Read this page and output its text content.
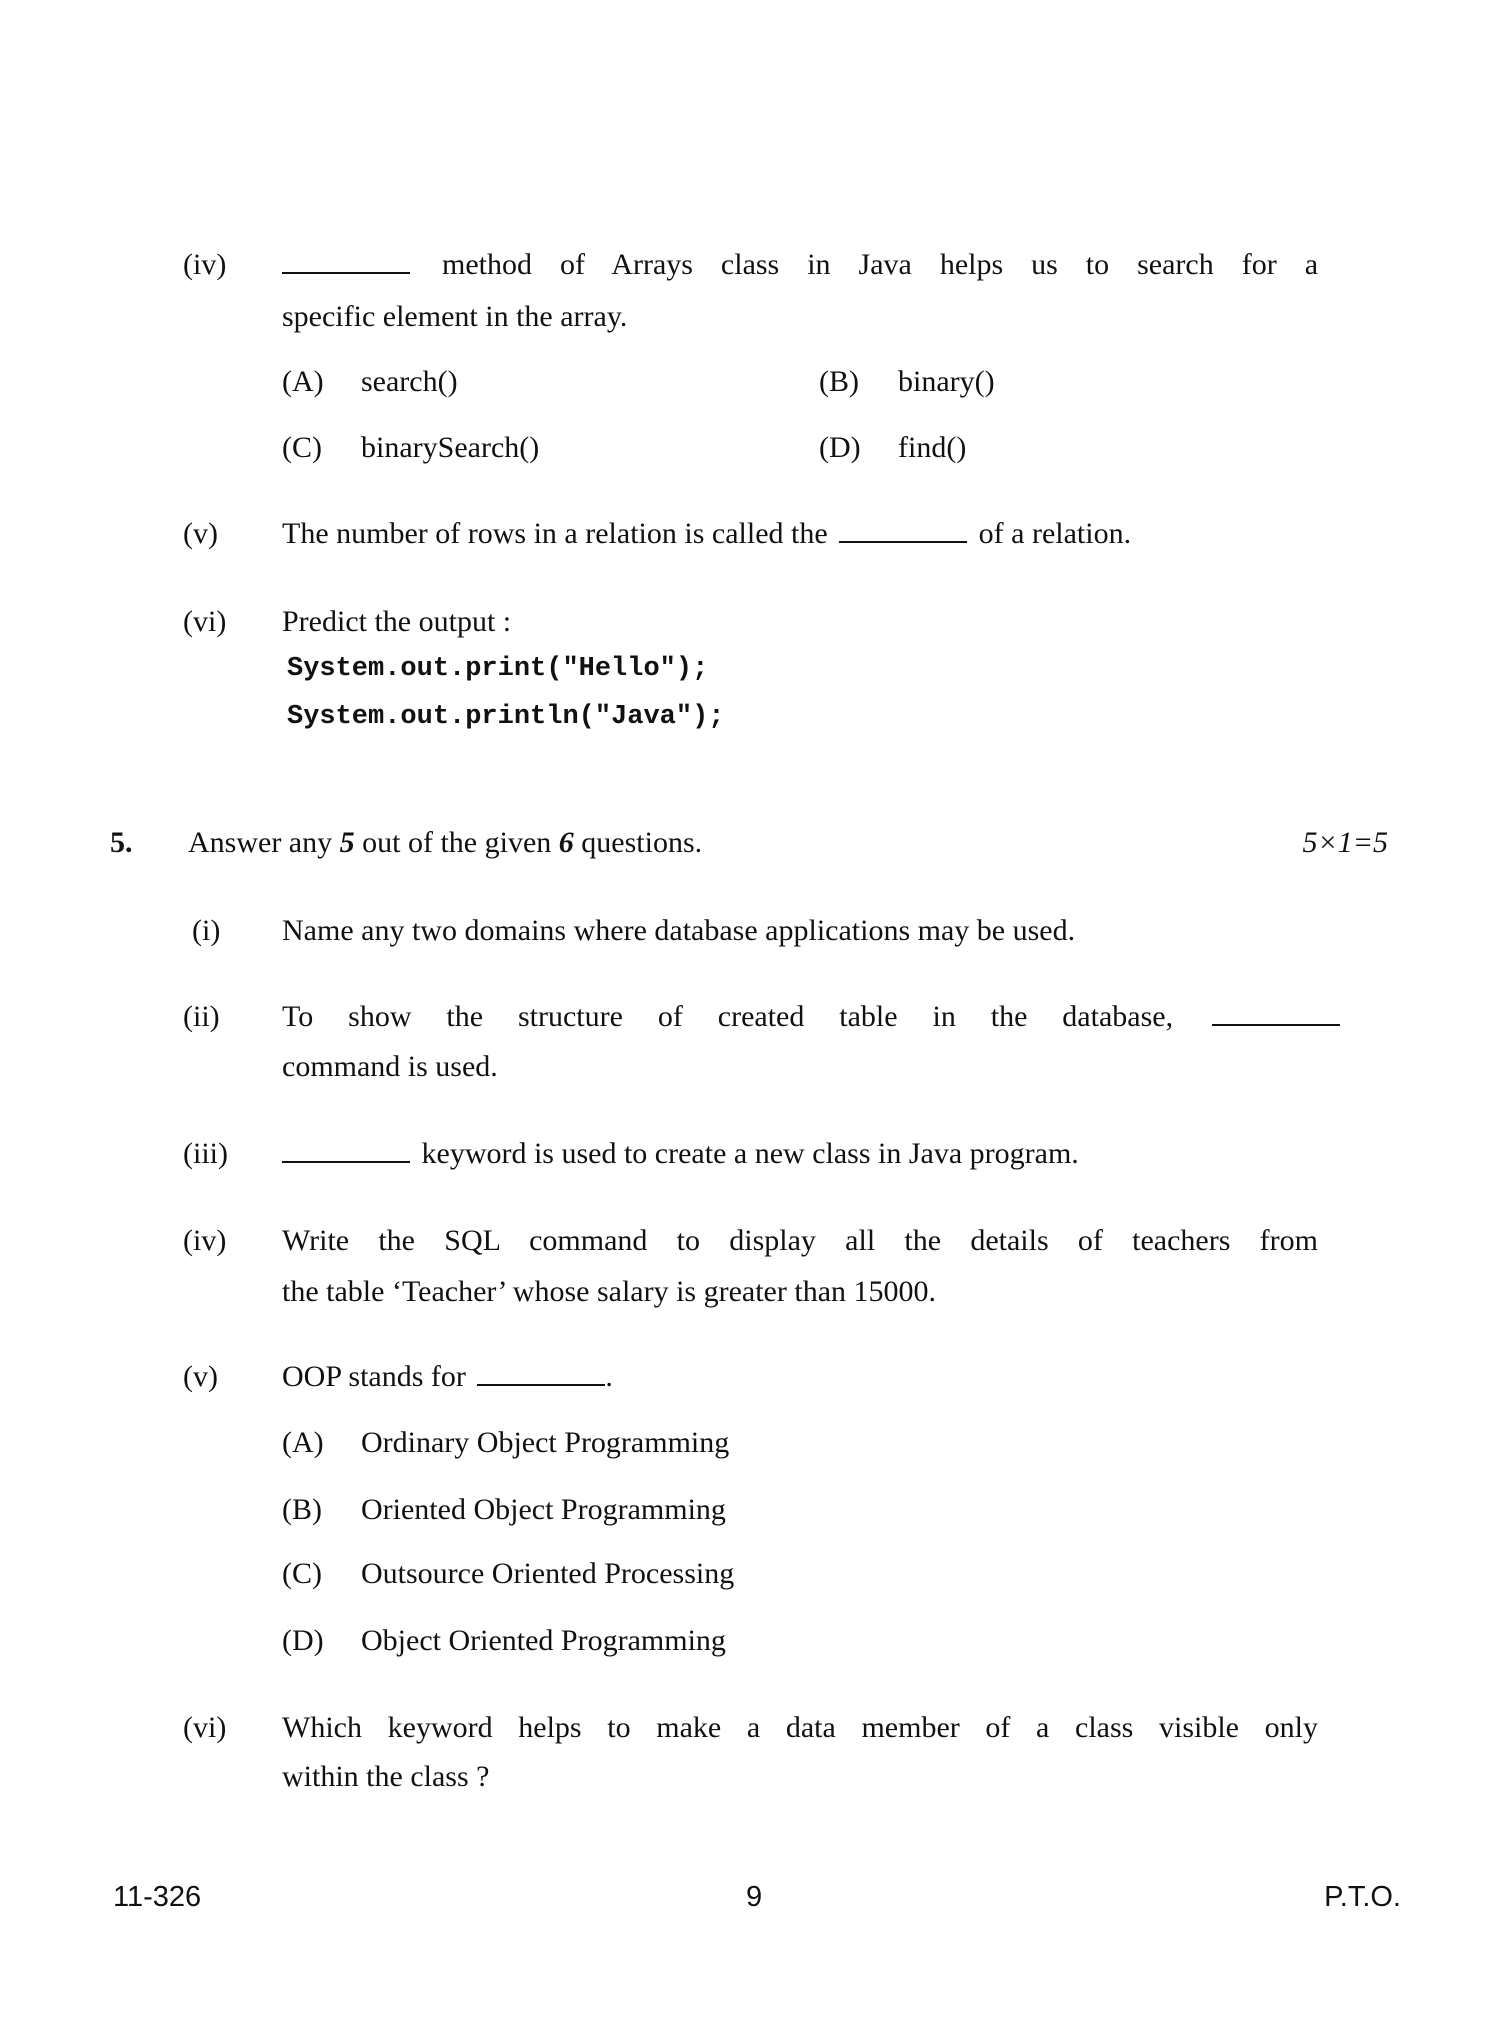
(iv)	method of Arrays class in Java helps us to search for a
specific element in the array.
(A) search()	(B) binary()
(C) binarySearch()	(D) find()
(v) The number of rows in a relation is called the	of a relation.
(vi) Predict the output :
System.out.print("Hello");
System.out.println("Java");
5. Answer any 5 out of the given 6 questions.	5×1=5
(i) Name any two domains where database applications may be used.
(ii) To show the structure of created table in the database,
command is used.
(iii)	keyword is used to create a new class in Java program.
(iv) Write the SQL command to display all the details of teachers from
the table ‘Teacher’ whose salary is greater than 15000.
(v) OOP stands for	.
(A) Ordinary Object Programming
(B) Oriented Object Programming
(C) Outsource Oriented Processing
(D) Object Oriented Programming
(vi) Which keyword helps to make a data member of a class visible only
within the class ?
11-326	9	P.T.O.
